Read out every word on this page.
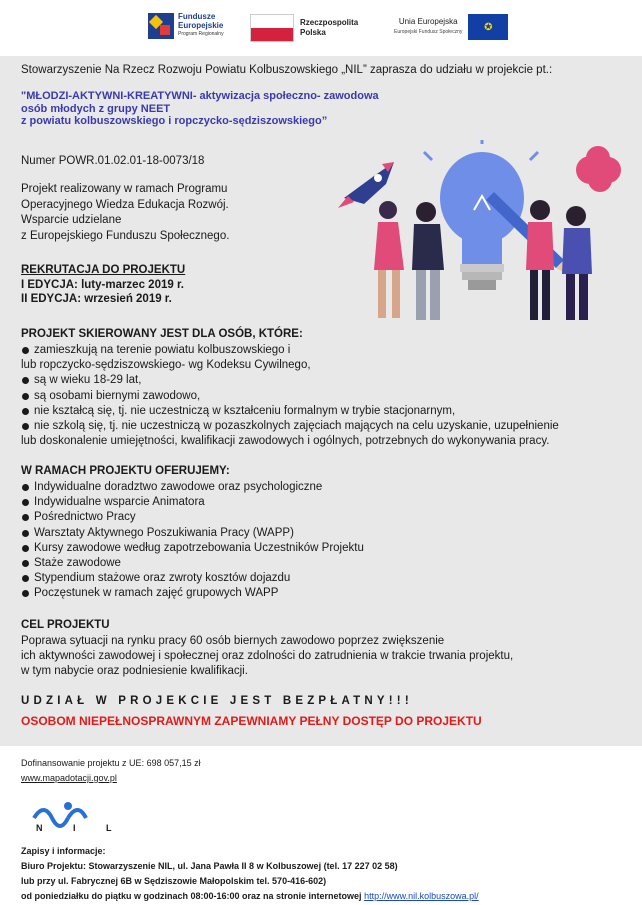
Fundusze
Europejskie
Program Regionalny
Rzeczpospolita
Polska
Unia Europejska
Europejski Fundusz Społeczny	✪
Stowarzyszenie Na Rzecz Rozwoju Powiatu Kolbuszowskiego „NIL” zaprasza do udziału w projekcie pt.:
"MŁODZI-AKTYWNI-KREATYWNI- aktywizacja społeczno- zawodowa
osób młodych z grupy NEET
z powiatu kolbuszowskiego i ropczycko-sędziszowskiego”
Numer POWR.01.02.01-18-0073/18
Projekt realizowany w ramach Programu
Operacyjnego Wiedza Edukacja Rozwój.
Wsparcie udzielane
z Europejskiego Funduszu Społecznego.
REKRUTACJA DO PROJEKTU
I EDYCJA: luty-marzec 2019 r.
II EDYCJA: wrzesień 2019 r.
PROJEKT SKIEROWANY JEST DLA OSÓB, KTÓRE:
zamieszkują na terenie powiatu kolbuszowskiego i
lub ropczycko-sędziszowskiego- wg Kodeksu Cywilnego,
są w wieku 18-29 lat,
są osobami biernymi zawodowo,
nie kształcą się, tj. nie uczestniczą w kształceniu formalnym w trybie stacjonarnym,
nie szkolą się, tj. nie uczestniczą w pozaszkolnych zajęciach mających na celu uzyskanie, uzupełnienie
lub doskonalenie umiejętności, kwalifikacji zawodowych i ogólnych, potrzebnych do wykonywania pracy.
W RAMACH PROJEKTU OFERUJEMY:
Indywidualne doradztwo zawodowe oraz psychologiczne
Indywidualne wsparcie Animatora
Pośrednictwo Pracy
Warsztaty Aktywnego Poszukiwania Pracy (WAPP)
Kursy zawodowe według zapotrzebowania Uczestników Projektu
Staże zawodowe
Stypendium stażowe oraz zwroty kosztów dojazdu
Poczęstunek w ramach zajęć grupowych WAPP
CEL PROJEKTU
Poprawa sytuacji na rynku pracy 60 osób biernych zawodowo poprzez zwiększenie
ich aktywności zawodowej i społecznej oraz zdolności do zatrudnienia w trakcie trwania projektu,
w tym nabycie oraz podniesienie kwalifikacji.
UDZIAŁ W PROJEKCIE JEST BEZPŁATNY!!!
OSOBOM NIEPEŁNOSPRAWNYM ZAPEWNIAMY PEŁNY DOSTĘP DO PROJEKTU
Dofinansowanie projektu z UE: 698 057,15 zł
www.mapadotacji.gov.pl
N I L
Zapisy i informacje:
Biuro Projektu: Stowarzyszenie NIL, ul. Jana Pawła II 8 w Kolbuszowej (tel. 17 227 02 58)
lub przy ul. Fabrycznej 6B w Sędziszowie Małopolskim tel. 570-416-602)
od poniedziałku do piątku w godzinach 08:00-16:00 oraz na stronie internetowej http://www.nil.kolbuszowa.pl/
